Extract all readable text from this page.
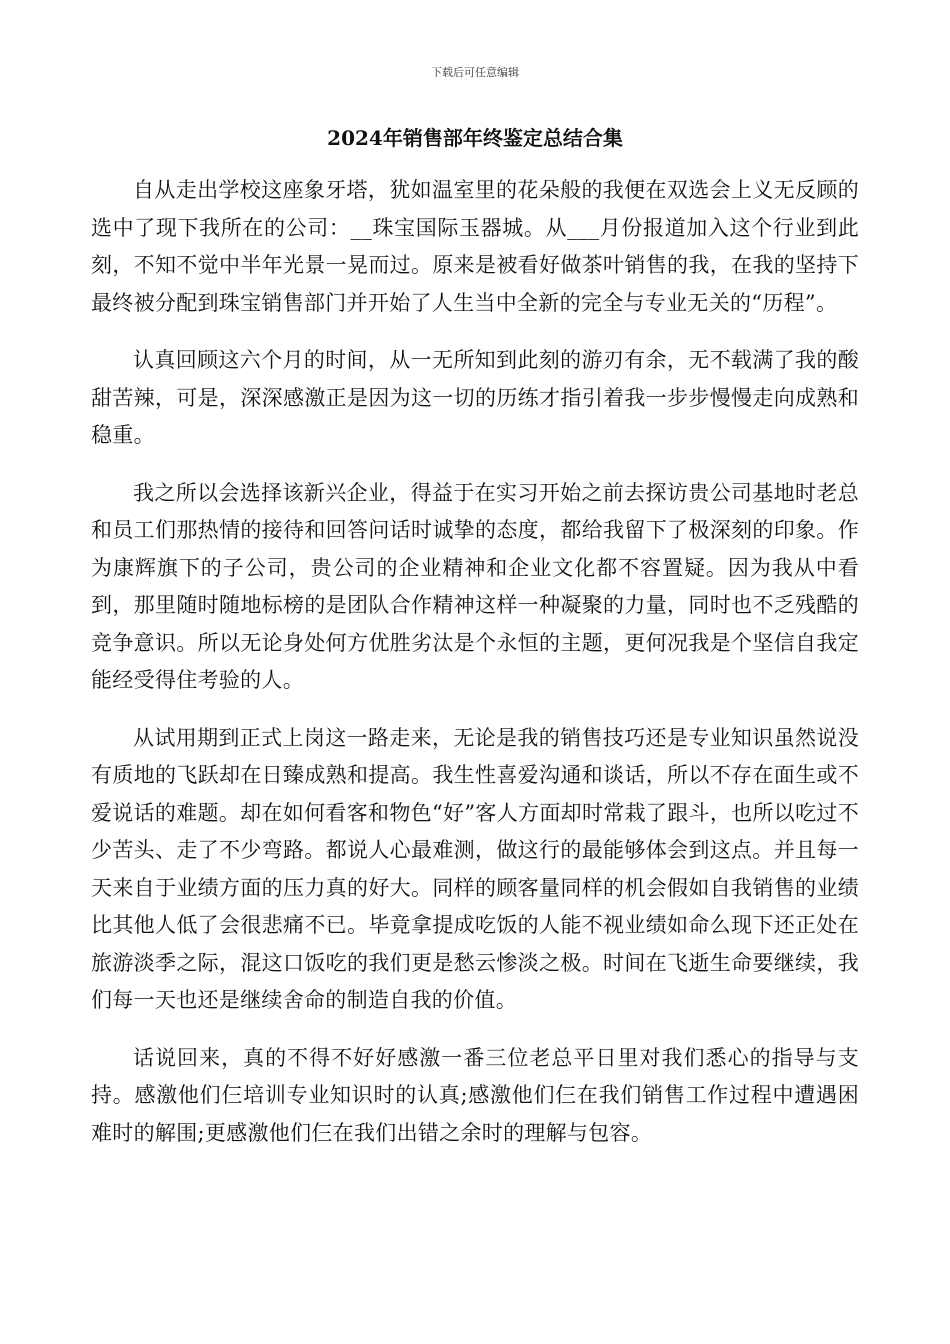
下载后可任意编辑
2024年销售部年终鉴定总结合集

自从走出学校这座象牙塔，犹如温室里的花朵般的我便在双选会上义无反顾的选中了现下我所在的公司：__珠宝国际玉器城。从___月份报道加入这个行业到此刻，不知不觉中半年光景一晃而过。原来是被看好做茶叶销售的我，在我的坚持下最终被分配到珠宝销售部门并开始了人生当中全新的完全与专业无关的“历程”。

认真回顾这六个月的时间，从一无所知到此刻的游刃有余，无不载满了我的酸甜苦辣，可是，深深感激正是因为这一切的历练才指引着我一步步慢慢走向成熟和稳重。

我之所以会选择该新兴企业，得益于在实习开始之前去探访贵公司基地时老总和员工们那热情的接待和回答问话时诚挚的态度，都给我留下了极深刻的印象。作为康辉旗下的子公司，贵公司的企业精神和企业文化都不容置疑。因为我从中看到，那里随时随地标榜的是团队合作精神这样一种凝聚的力量，同时也不乏残酷的竞争意识。所以无论身处何方优胜劣汰是个永恒的主题，更何况我是个坚信自我定能经受得住考验的人。

从试用期到正式上岗这一路走来，无论是我的销售技巧还是专业知识虽然说没有质地的飞跃却在日臻成熟和提高。我生性喜爱沟通和谈话，所以不存在面生或不爱说话的难题。却在如何看客和物色“好”客人方面却时常栽了跟斗，也所以吃过不少苦头、走了不少弯路。都说人心最难测，做这行的最能够体会到这点。并且每一天来自于业绩方面的压力真的好大。同样的顾客量同样的机会假如自我销售的业绩比其他人低了会很悲痛不已。毕竟拿提成吃饭的人能不视业绩如命么现下还正处在旅游淡季之际，混这口饭吃的我们更是愁云惨淡之极。时间在飞逝生命要继续，我们每一天也还是继续舍命的制造自我的价值。

话说回来，真的不得不好好感激一番三位老总平日里对我们悉心的指导与支持。感激他们仨培训专业知识时的认真;感激他们仨在我们销售工作过程中遭遇困难时的解围;更感激他们仨在我们出错之余时的理解与包容。
